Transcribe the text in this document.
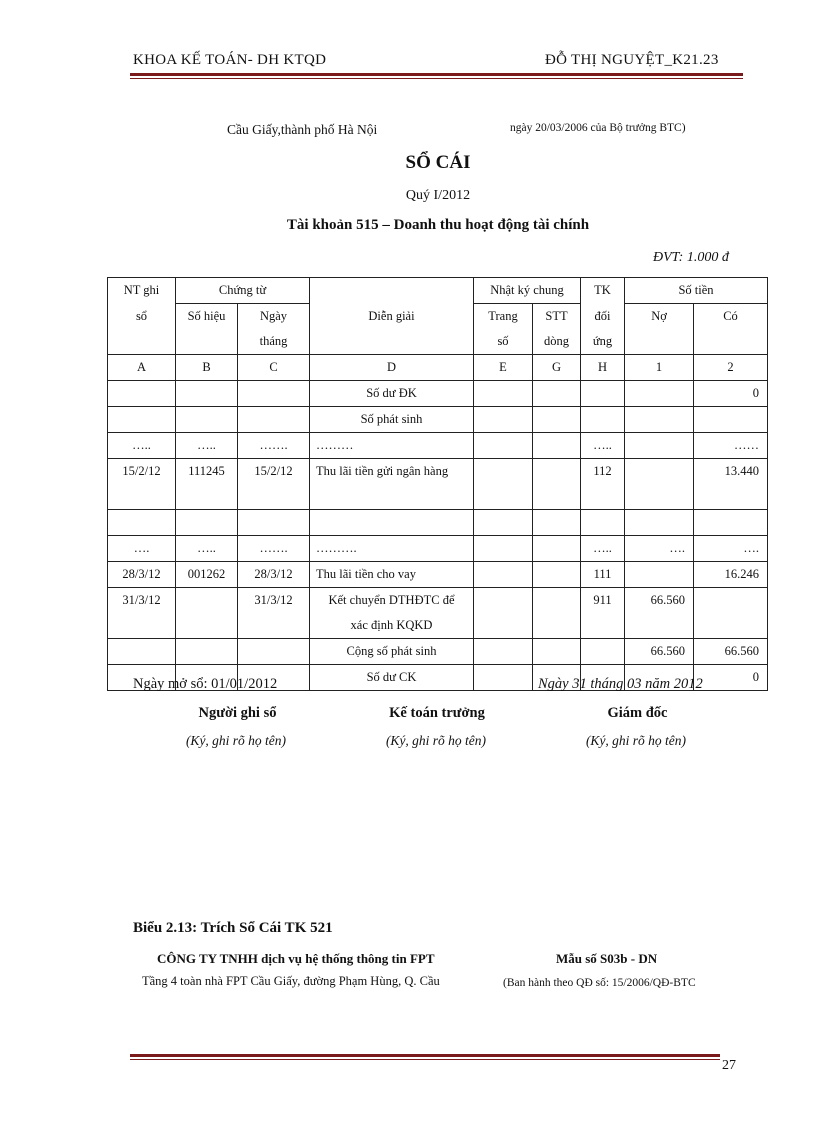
KHOA KẾ TOÁN- DH KTQD	ĐỖ THỊ NGUYỆT_K21.23
Cầu Giấy,thành phố Hà Nội	ngày 20/03/2006 của Bộ trưởng BTC)
SỔ CÁI
Quý I/2012
Tài khoản 515 – Doanh thu hoạt động tài chính
ĐVT: 1.000 đ
NT ghi	Chứng từ		Diễn giải	Nhật ký chung		TK	Số tiền	
sổ	Số hiệu	Ngày		Trang	STT	đối	Nợ	Có
		tháng		số	dòng	ứng		
A	B	C	D	E	G	H	1	2
			Số dư ĐK					0
			Số phát sinh					
…..	…..	…….	………			…..		……
15/2/12	111245	15/2/12	Thu lãi tiền gửi ngân hàng			112		13.440

….	…..	…….	……….			…..	….	….
28/3/12	001262	28/3/12	Thu lãi tiền cho vay			111		16.246
31/3/12		31/3/12	Kết chuyển DTHĐTC để			911	66.560	
			xác định KQKD					
			Cộng số phát sinh				66.560	66.560
			Số dư CK					0
Ngày mở sổ: 01/01/2012	Ngày 31 tháng 03 năm 2012
Người ghi sổ
(Ký, ghi rõ họ tên)
Kế toán trưởng
(Ký, ghi rõ họ tên)
Giám đốc
(Ký, ghi rõ họ tên)
Biểu 2.13: Trích Sổ Cái TK 521
CÔNG TY TNHH dịch vụ hệ thống thông tin FPT
Tầng 4 toàn nhà FPT Cầu Giấy, đường Phạm Hùng, Q. Cầu
Mẫu số S03b - DN
(Ban hành theo QĐ số: 15/2006/QĐ-BTC
27
